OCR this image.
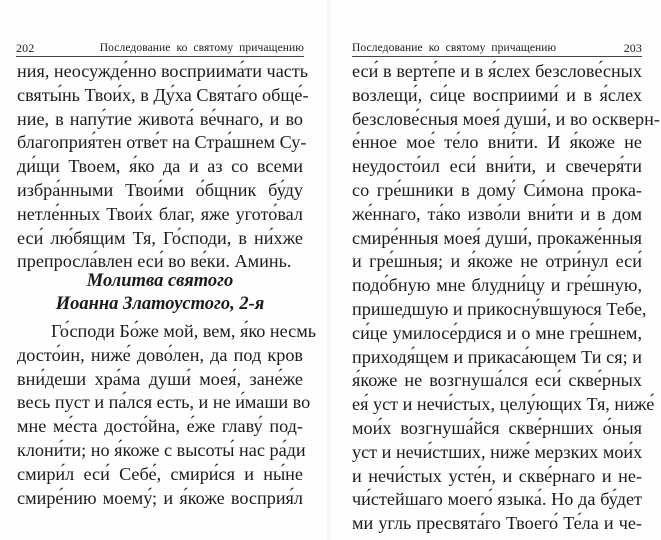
202	Последование ко святому причащению
ния, неосужде́нно восприима́ти часть
святы́нь Твои́х, в Ду́ха Свята́го обще́-
ние, в напу́тие живота́ ве́чнаго, и во
благоприя́тен отве́т на Стра́шнем Су-
ди́щи Твоем, я́ко да и аз со всеми
избра́нными Твои́ми о́бщник бу́ду
нетле́нных Твои́х благ, яже угото́вал
еси́ лю́бящим Тя, Го́споди, в ни́хже
препросла́влен еси́ во ве́ки. Аминь.
Молитва святого
Иоанна Златоустого, 2-я
Го́споди Бо́же мой, вем, я́ко несмь
досто́ин, ниже́ дово́лен, да под кров
вни́деши хра́ма души́ моея́, зане́же
весь пуст и па́лся есть, и не и́маши во
мне ме́ста досто́йна, е́же главу́ под-
клони́ти; но я́коже с высоты́ нас ра́ди
смири́л еси́ Себе́, смири́ся и ны́не
смире́нию моему́; и я́коже восприя́л
Последование ко святому причащению	203
еси́ в верте́пе и в я́слех безслове́сных
возлещи́, си́це восприими́ и в я́слех
безслове́сныя моея́ души́, и во оскверн-
е́нное мое́ те́ло вни́ти. И я́коже не
неудосто́ил еси́ вни́ти, и свечеря́ти
со гре́шники в дому́ Си́мона прока-
же́ннаго, та́ко изво́ли вни́ти и в дом
смире́нныя моея́ души́, прокаже́нныя
и гре́шныя; и я́коже не отри́нул еси́
подо́бную мне блудни́цу и гре́шную,
пришедшую и прикосну́вшуюся Тебе,
си́це умилосе́рдися и о мне гре́шнем,
приходя́щем и прикаса́ющем Ти ся; и
я́коже не возгнуша́лся еси́ скве́рных
ея́ уст и нечи́стых, целу́ющих Тя, ниже́
мои́х возгнуша́йся скве́рнших о́ныя
уст и нечи́стших, ниже́ мерзких мои́х
и нечи́стых усте́н, и скве́рнаго и не-
чи́стейшаго моего́ языка́. Но да бу́дет
ми угль пресвята́го Твоего́ Те́ла и че-
